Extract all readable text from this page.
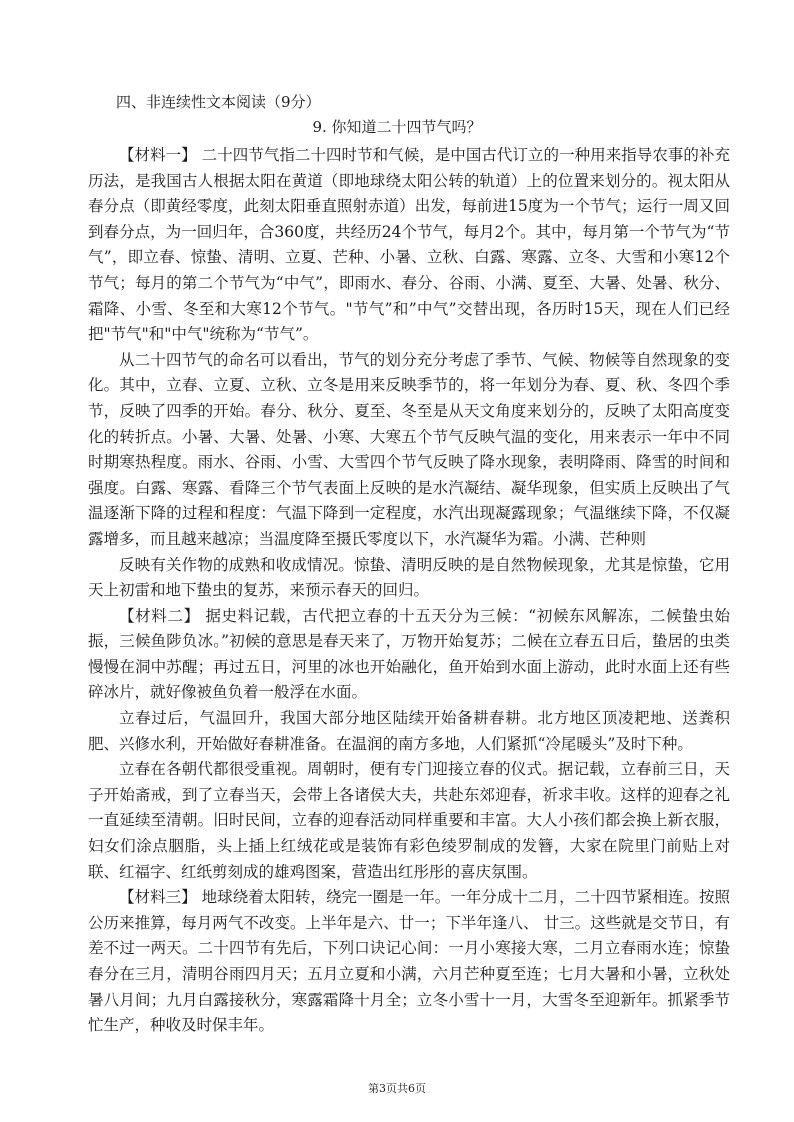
四、非连续性文本阅读（9分）
9. 你知道二十四节气吗？

【材料一】 二十四节气指二十四时节和气候，是中国古代订立的一种用来指导农事的补充历法，是我国古人根据太阳在黄道（即地球绕太阳公转的轨道）上的位置来划分的。视太阳从春分点（即黄经零度，此刻太阳垂直照射赤道）出发，每前进15度为一个节气；运行一周又回到春分点，为一回归年，合360度，共经历24个节气，每月2个。其中，每月第一个节气为“节气”，即立春、惊蛰、清明、立夏、芒种、小暑、立秋、白露、寒露、立冬、大雪和小寒12个节气；每月的第二个节气为“中气”，即雨水、春分、谷雨、小满、夏至、大暑、处暑、秋分、霜降、小雪、冬至和大寒12个节气。"节气”和”中气”交替出现，各历时15天，现在人们已经把"节气"和"中气"统称为“节气”。

从二十四节气的命名可以看出，节气的划分充分考虑了季节、气候、物候等自然现象的变化。其中，立春、立夏、立秋、立冬是用来反映季节的，将一年划分为春、夏、秋、冬四个季节，反映了四季的开始。春分、秋分、夏至、冬至是从天文角度来划分的，反映了太阳高度变化的转折点。小暑、大暑、处暑、小寒、大寒五个节气反映气温的变化，用来表示一年中不同时期寒热程度。雨水、谷雨、小雪、大雪四个节气反映了降水现象，表明降雨、降雪的时间和强度。白露、寒露、看降三个节气表面上反映的是水汽凝结、凝华现象，但实质上反映出了气温逐渐下降的过程和程度：气温下降到一定程度，水汽出现凝露现象；气温继续下降，不仅凝露增多，而且越来越凉；当温度降至摄氏零度以下，水汽凝华为霜。小满、芒种则

反映有关作物的成熟和收成情况。惊蛰、清明反映的是自然物候现象，尤其是惊蛰，它用天上初雷和地下蛰虫的复苏，来预示春天的回归。

【材料二】 据史料记载，古代把立春的十五天分为三候：“初候东风解冻，二候蛰虫始振，三候鱼陟负冰。”初候的意思是春天来了，万物开始复苏；二候在立春五日后，蛰居的虫类慢慢在洞中苏醒；再过五日，河里的冰也开始融化，鱼开始到水面上游动，此时水面上还有些碎冰片，就好像被鱼负着一般浮在水面。

立春过后，气温回升，我国大部分地区陆续开始备耕春耕。北方地区顶凌耙地、送粪积肥、兴修水利，开始做好春耕准备。在温润的南方多地，人们紧抓“冷尾暖头”及时下种。

立春在各朝代都很受重视。周朝时，便有专门迎接立春的仪式。据记载，立春前三日，天子开始斋戒，到了立春当天，会带上各诸侯大夫，共赴东郊迎春，祈求丰收。这样的迎春之礼一直延续至清朝。旧时民间，立春的迎春活动同样重要和丰富。大人小孩们都会换上新衣服，妇女们涂点胭脂，头上插上红绒花或是装饰有彩色绫罗制成的发簪，大家在院里门前贴上对联、红福字、红纸剪刻成的雄鸡图案，营造出红彤彤的喜庆氛围。

【材料三】 地球绕着太阳转，绕完一圈是一年。一年分成十二月，二十四节紧相连。按照公历来推算，每月两气不改变。上半年是六、廿一；下半年逢八、 廿三。这些就是交节日，有差不过一两天。二十四节有先后，下列口诀记心间：一月小寒接大寒，二月立春雨水连；惊蛰春分在三月，清明谷雨四月天；五月立夏和小满，六月芒种夏至连；七月大暑和小暑，立秋处暑八月间；九月白露接秋分，寒露霜降十月全；立冬小雪十一月，大雪冬至迎新年。抓紧季节忙生产，种收及时保丰年。

第3页共6页
